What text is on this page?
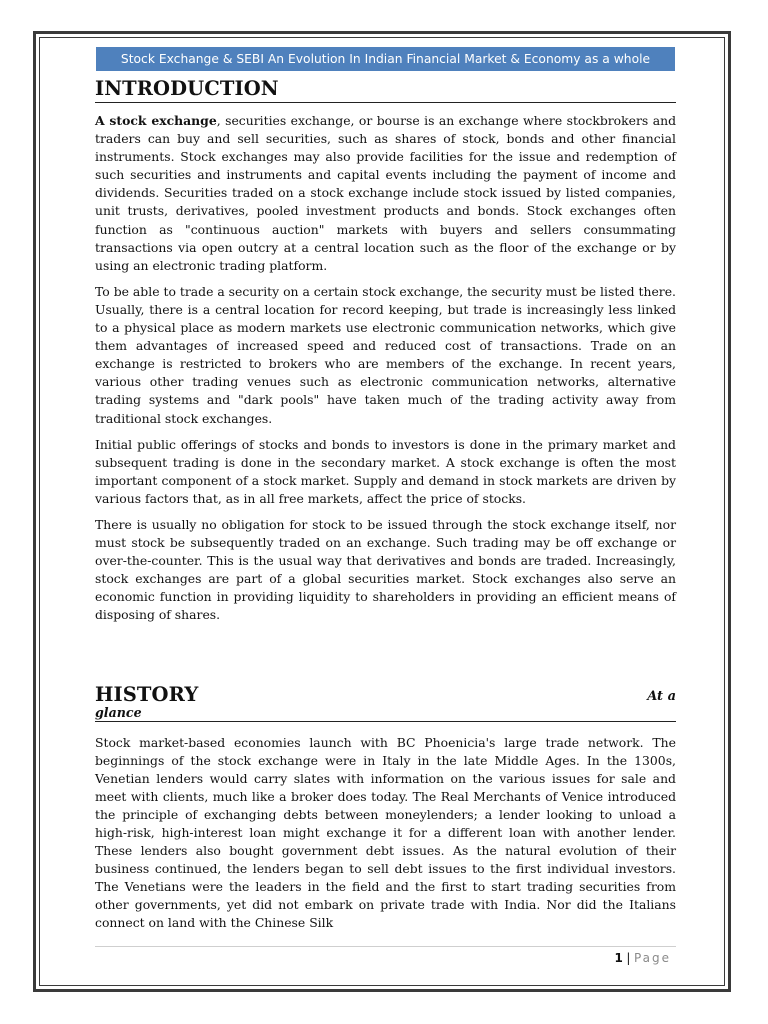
Stock Exchange & SEBI An Evolution In Indian Financial Market & Economy as a whole
INTRODUCTION

A stock exchange, securities exchange, or bourse is an exchange where stockbrokers and traders can buy and sell securities, such as shares of stock, bonds and other financial instruments. Stock exchanges may also provide facilities for the issue and redemption of such securities and instruments and capital events including the payment of income and dividends. Securities traded on a stock exchange include stock issued by listed companies, unit trusts, derivatives, pooled investment products and bonds. Stock exchanges often function as "continuous auction" markets with buyers and sellers consummating transactions via open outcry at a central location such as the floor of the exchange or by using an electronic trading platform.

To be able to trade a security on a certain stock exchange, the security must be listed there. Usually, there is a central location for record keeping, but trade is increasingly less linked to a physical place as modern markets use electronic communication networks, which give them advantages of increased speed and reduced cost of transactions. Trade on an exchange is restricted to brokers who are members of the exchange. In recent years, various other trading venues such as electronic communication networks, alternative trading systems and "dark pools" have taken much of the trading activity away from traditional stock exchanges.

Initial public offerings of stocks and bonds to investors is done in the primary market and subsequent trading is done in the secondary market. A stock exchange is often the most important component of a stock market. Supply and demand in stock markets are driven by various factors that, as in all free markets, affect the price of stocks.

There is usually no obligation for stock to be issued through the stock exchange itself, nor must stock be subsequently traded on an exchange. Such trading may be off exchange or over-the-counter. This is the usual way that derivatives and bonds are traded. Increasingly, stock exchanges are part of a global securities market. Stock exchanges also serve an economic function in providing liquidity to shareholders in providing an efficient means of disposing of shares.

HISTORY	At a
glance

Stock market-based economies launch with BC Phoenicia's large trade network. The beginnings of the stock exchange were in Italy in the late Middle Ages. In the 1300s, Venetian lenders would carry slates with information on the various issues for sale and meet with clients, much like a broker does today. The Real Merchants of Venice introduced the principle of exchanging debts between moneylenders; a lender looking to unload a high-risk, high-interest loan might exchange it for a different loan with another lender. These lenders also bought government debt issues. As the natural evolution of their business continued, the lenders began to sell debt issues to the first individual investors. The Venetians were the leaders in the field and the first to start trading securities from other governments, yet did not embark on private trade with India. Nor did the Italians connect on land with the Chinese Silk

1 | Page
